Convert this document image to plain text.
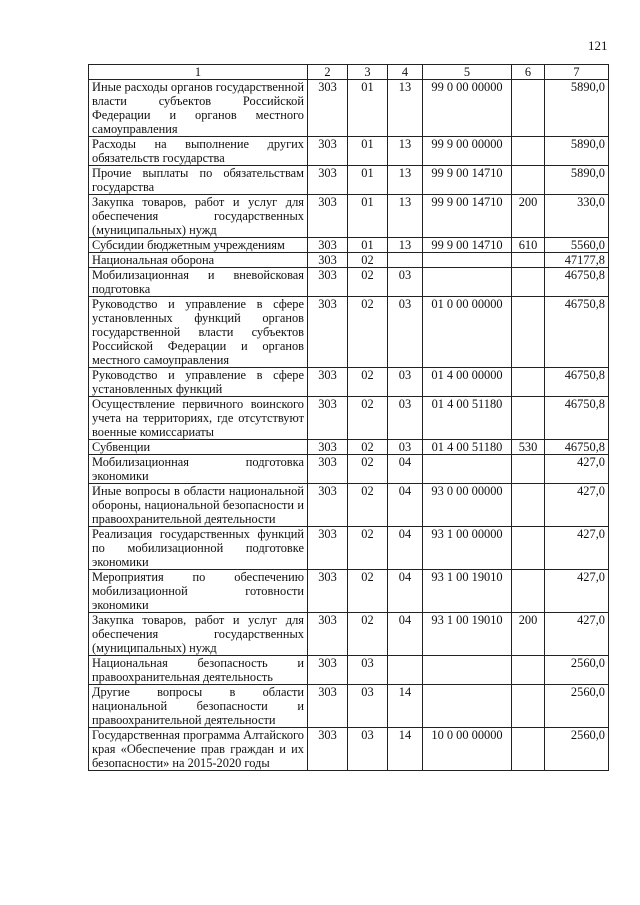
121
1	2	3	4	5	6	7
Иные расходы органов государственной власти субъектов Российской Федерации и органов местного самоуправления	303	01	13	99 0 00 00000		5890,0
Расходы на выполнение других обязательств государства	303	01	13	99 9 00 00000		5890,0
Прочие выплаты по обязательствам государства	303	01	13	99 9 00 14710		5890,0
Закупка товаров, работ и услуг для обеспечения государственных (муниципальных) нужд	303	01	13	99 9 00 14710	200	330,0
Субсидии бюджетным учреждениям	303	01	13	99 9 00 14710	610	5560,0
Национальная оборона	303	02				47177,8
Мобилизационная и вневойсковая подготовка	303	02	03			46750,8
Руководство и управление в сфере установленных функций органов государственной власти субъектов Российской Федерации и органов местного самоуправления	303	02	03	01 0 00 00000		46750,8
Руководство и управление в сфере установленных функций	303	02	03	01 4 00 00000		46750,8
Осуществление первичного воинского учета на территориях, где отсутствуют военные комиссариаты	303	02	03	01 4 00 51180		46750,8
Субвенции	303	02	03	01 4 00 51180	530	46750,8
Мобилизационная подготовка экономики	303	02	04			427,0
Иные вопросы в области национальной обороны, национальной безопасности и правоохранительной деятельности	303	02	04	93 0 00 00000		427,0
Реализация государственных функций по мобилизационной подготовке экономики	303	02	04	93 1 00 00000		427,0
Мероприятия по обеспечению мобилизационной готовности экономики	303	02	04	93 1 00 19010		427,0
Закупка товаров, работ и услуг для обеспечения государственных (муниципальных) нужд	303	02	04	93 1 00 19010	200	427,0
Национальная безопасность и правоохранительная деятельность	303	03				2560,0
Другие вопросы в области национальной безопасности и правоохранительной деятельности	303	03	14			2560,0
Государственная программа Алтайского края «Обеспечение прав граждан и их безопасности» на 2015-2020 годы	303	03	14	10 0 00 00000		2560,0
